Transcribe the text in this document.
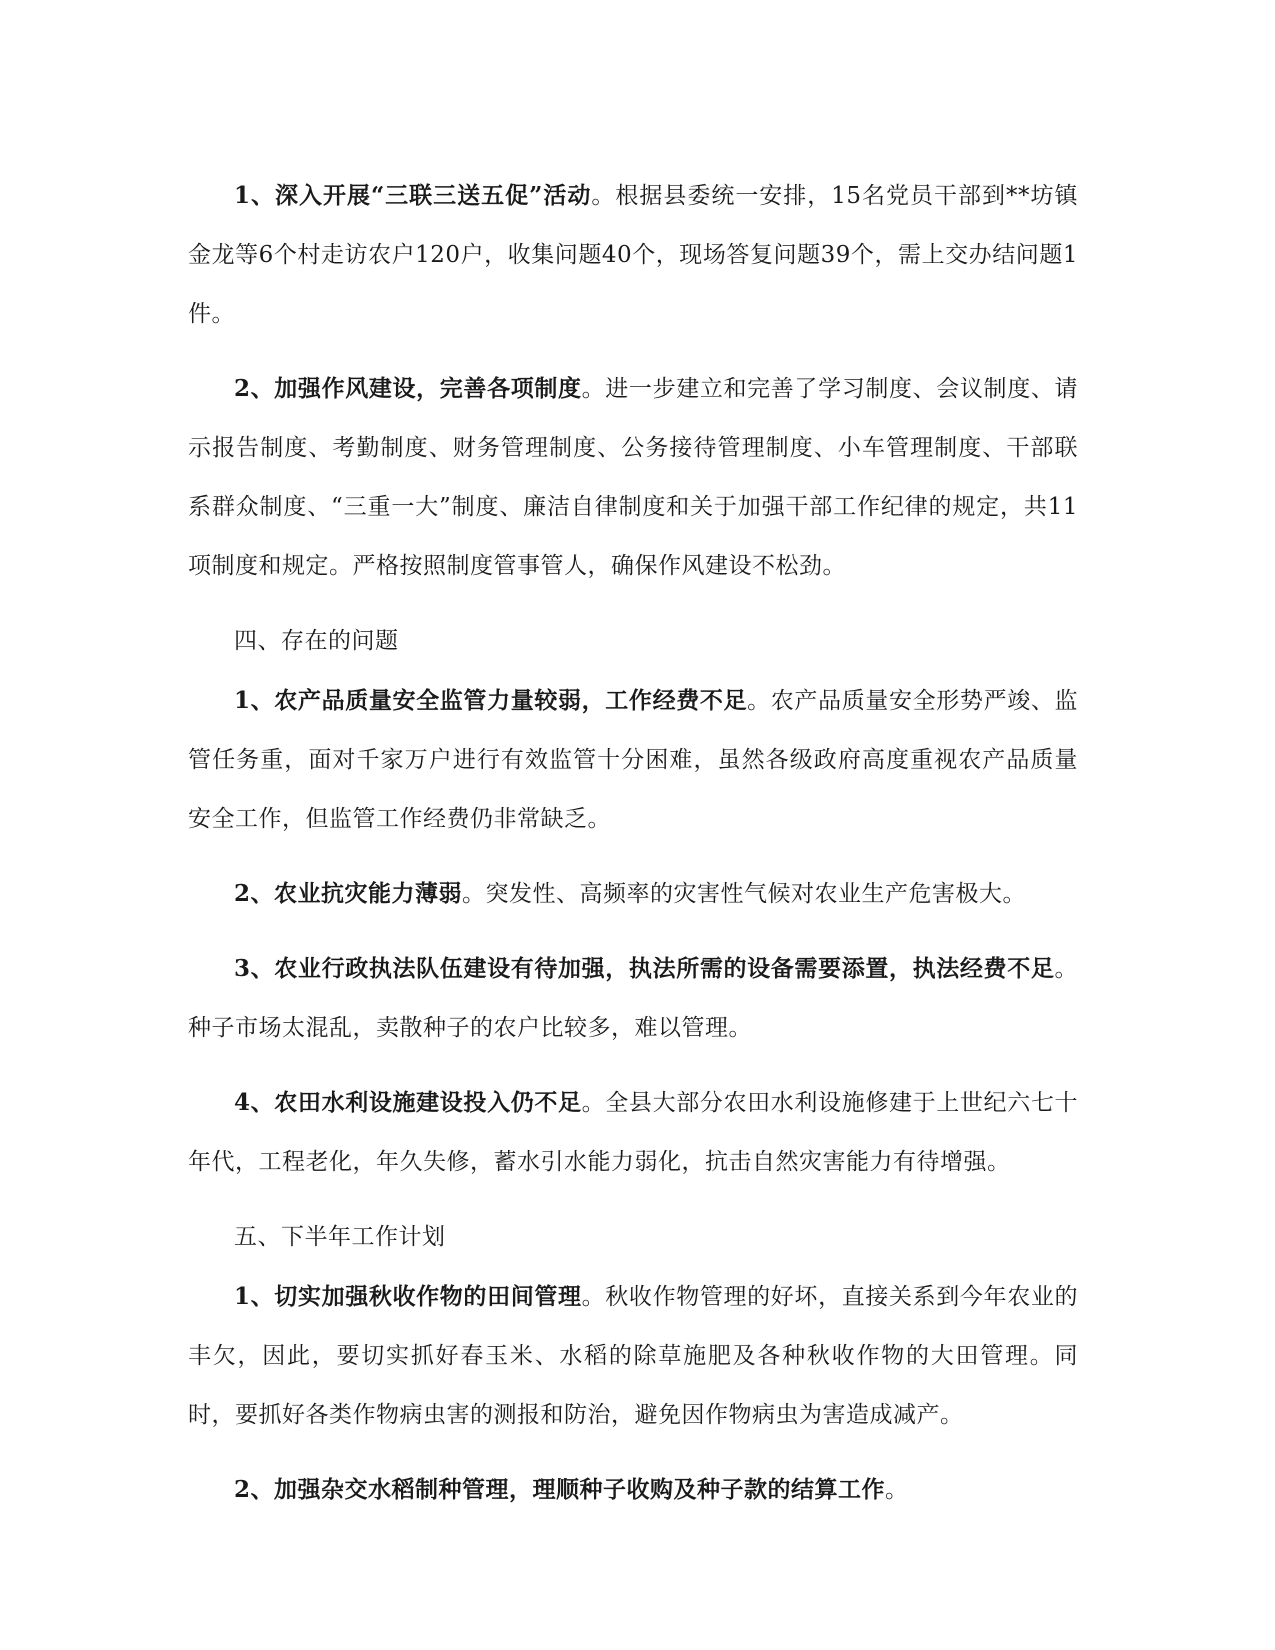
1、深入开展“三联三送五促”活动。根据县委统一安排，15名党员干部到**坊镇金龙等6个村走访农户120户，收集问题40个，现场答复问题39个，需上交办结问题1件。

2、加强作风建设，完善各项制度。进一步建立和完善了学习制度、会议制度、请示报告制度、考勤制度、财务管理制度、公务接待管理制度、小车管理制度、干部联系群众制度、“三重一大”制度、廉洁自律制度和关于加强干部工作纪律的规定，共11项制度和规定。严格按照制度管事管人，确保作风建设不松劲。

四、存在的问题

1、农产品质量安全监管力量较弱，工作经费不足。农产品质量安全形势严竣、监管任务重，面对千家万户进行有效监管十分困难，虽然各级政府高度重视农产品质量安全工作，但监管工作经费仍非常缺乏。

2、农业抗灾能力薄弱。突发性、高频率的灾害性气候对农业生产危害极大。

3、农业行政执法队伍建设有待加强，执法所需的设备需要添置，执法经费不足。种子市场太混乱，卖散种子的农户比较多，难以管理。

4、农田水利设施建设投入仍不足。全县大部分农田水利设施修建于上世纪六七十年代，工程老化，年久失修，蓄水引水能力弱化，抗击自然灾害能力有待增强。

五、下半年工作计划

1、切实加强秋收作物的田间管理。秋收作物管理的好坏，直接关系到今年农业的丰欠，因此，要切实抓好春玉米、水稻的除草施肥及各种秋收作物的大田管理。同时，要抓好各类作物病虫害的测报和防治，避免因作物病虫为害造成减产。

2、加强杂交水稻制种管理，理顺种子收购及种子款的结算工作。
